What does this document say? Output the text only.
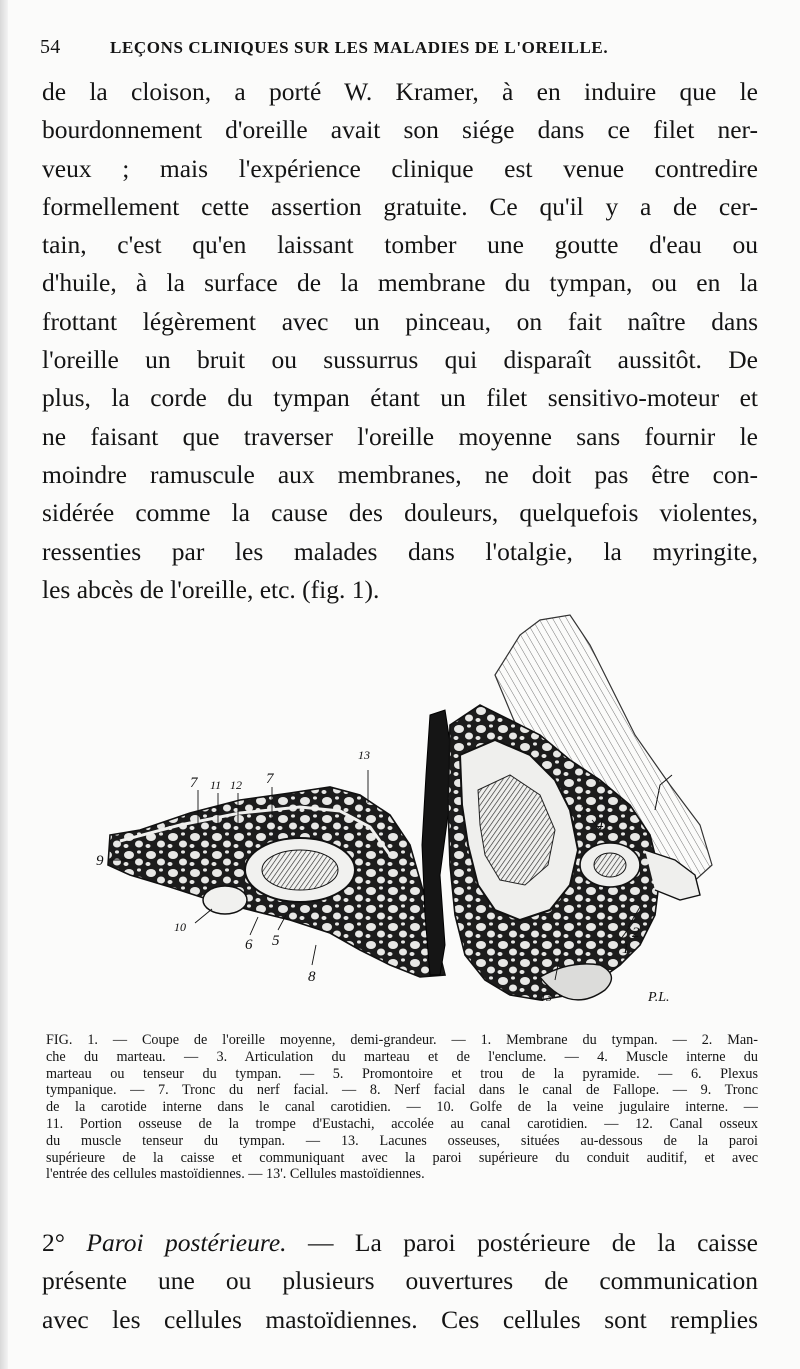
54	LEÇONS CLINIQUES SUR LES MALADIES DE L'OREILLE.
de la cloison, a porté W. Kramer, à en induire que le
bourdonnement d'oreille avait son siége dans ce filet ner-
veux ; mais l'expérience clinique est venue contredire
formellement cette assertion gratuite. Ce qu'il y a de cer-
tain, c'est qu'en laissant tomber une goutte d'eau ou
d'huile, à la surface de la membrane du tympan, ou en la
frottant légèrement avec un pinceau, on fait naître dans
l'oreille un bruit ou sussurrus qui disparaît aussitôt. De
plus, la corde du tympan étant un filet sensitivo-moteur et
ne faisant que traverser l'oreille moyenne sans fournir le
moindre ramuscule aux membranes, ne doit pas être con-
sidérée comme la cause des douleurs, quelquefois violentes,
ressenties par les malades dans l'otalgie, la myringite,
les abcès de l'oreille, etc. (fig. 1).
7 11 12 7
13
9
10
6 5
8
1
2
3
4
13	P.L.
FIG. 1. — Coupe de l'oreille moyenne, demi-grandeur. — 1. Membrane du tympan. — 2. Man-
che du marteau. — 3. Articulation du marteau et de l'enclume. — 4. Muscle interne du
marteau ou tenseur du tympan. — 5. Promontoire et trou de la pyramide. — 6. Plexus
tympanique. — 7. Tronc du nerf facial. — 8. Nerf facial dans le canal de Fallope. — 9. Tronc
de la carotide interne dans le canal carotidien. — 10. Golfe de la veine jugulaire interne. —
11. Portion osseuse de la trompe d'Eustachi, accolée au canal carotidien. — 12. Canal osseux
du muscle tenseur du tympan. — 13. Lacunes osseuses, situées au-dessous de la paroi
supérieure de la caisse et communiquant avec la paroi supérieure du conduit auditif, et avec
l'entrée des cellules mastoïdiennes. — 13'. Cellules mastoïdiennes.
2° Paroi postérieure. — La paroi postérieure de la caisse
présente une ou plusieurs ouvertures de communication
avec les cellules mastoïdiennes. Ces cellules sont remplies
